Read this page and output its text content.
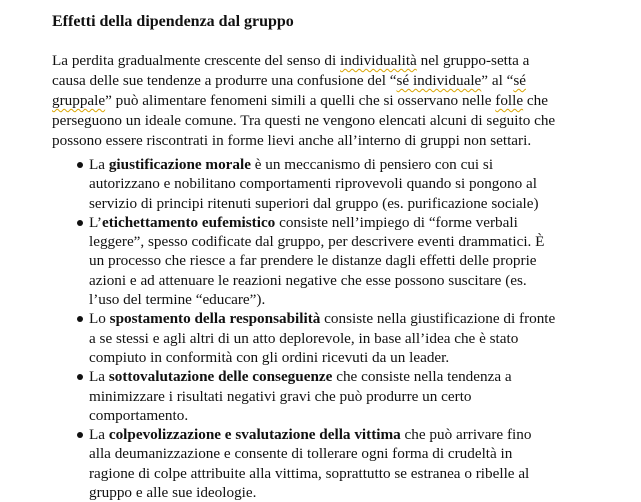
Effetti della dipendenza dal gruppo
La perdita gradualmente crescente del senso di individualità nel gruppo-setta a
causa delle sue tendenze a produrre una confusione del “sé individuale” al “sé
gruppale” può alimentare fenomeni simili a quelli che si osservano nelle folle che
perseguono un ideale comune. Tra questi ne vengono elencati alcuni di seguito che
possono essere riscontrati in forme lievi anche all’interno di gruppi non settari.
La giustificazione morale è un meccanismo di pensiero con cui si
autorizzano e nobilitano comportamenti riprovevoli quando si pongono al
servizio di principi ritenuti superiori dal gruppo (es. purificazione sociale)
L’etichettamento eufemistico consiste nell’impiego di “forme verbali
leggere”, spesso codificate dal gruppo, per descrivere eventi drammatici. È
un processo che riesce a far prendere le distanze dagli effetti delle proprie
azioni e ad attenuare le reazioni negative che esse possono suscitare (es.
l’uso del termine “educare”).
Lo spostamento della responsabilità consiste nella giustificazione di fronte
a se stessi e agli altri di un atto deplorevole, in base all’idea che è stato
compiuto in conformità con gli ordini ricevuti da un leader.
La sottovalutazione delle conseguenze che consiste nella tendenza a
minimizzare i risultati negativi gravi che può produrre un certo
comportamento.
La colpevolizzazione e svalutazione della vittima che può arrivare fino
alla deumanizzazione e consente di tollerare ogni forma di crudeltà in
ragione di colpe attribuite alla vittima, soprattutto se estranea o ribelle al
gruppo e alle sue ideologie.
